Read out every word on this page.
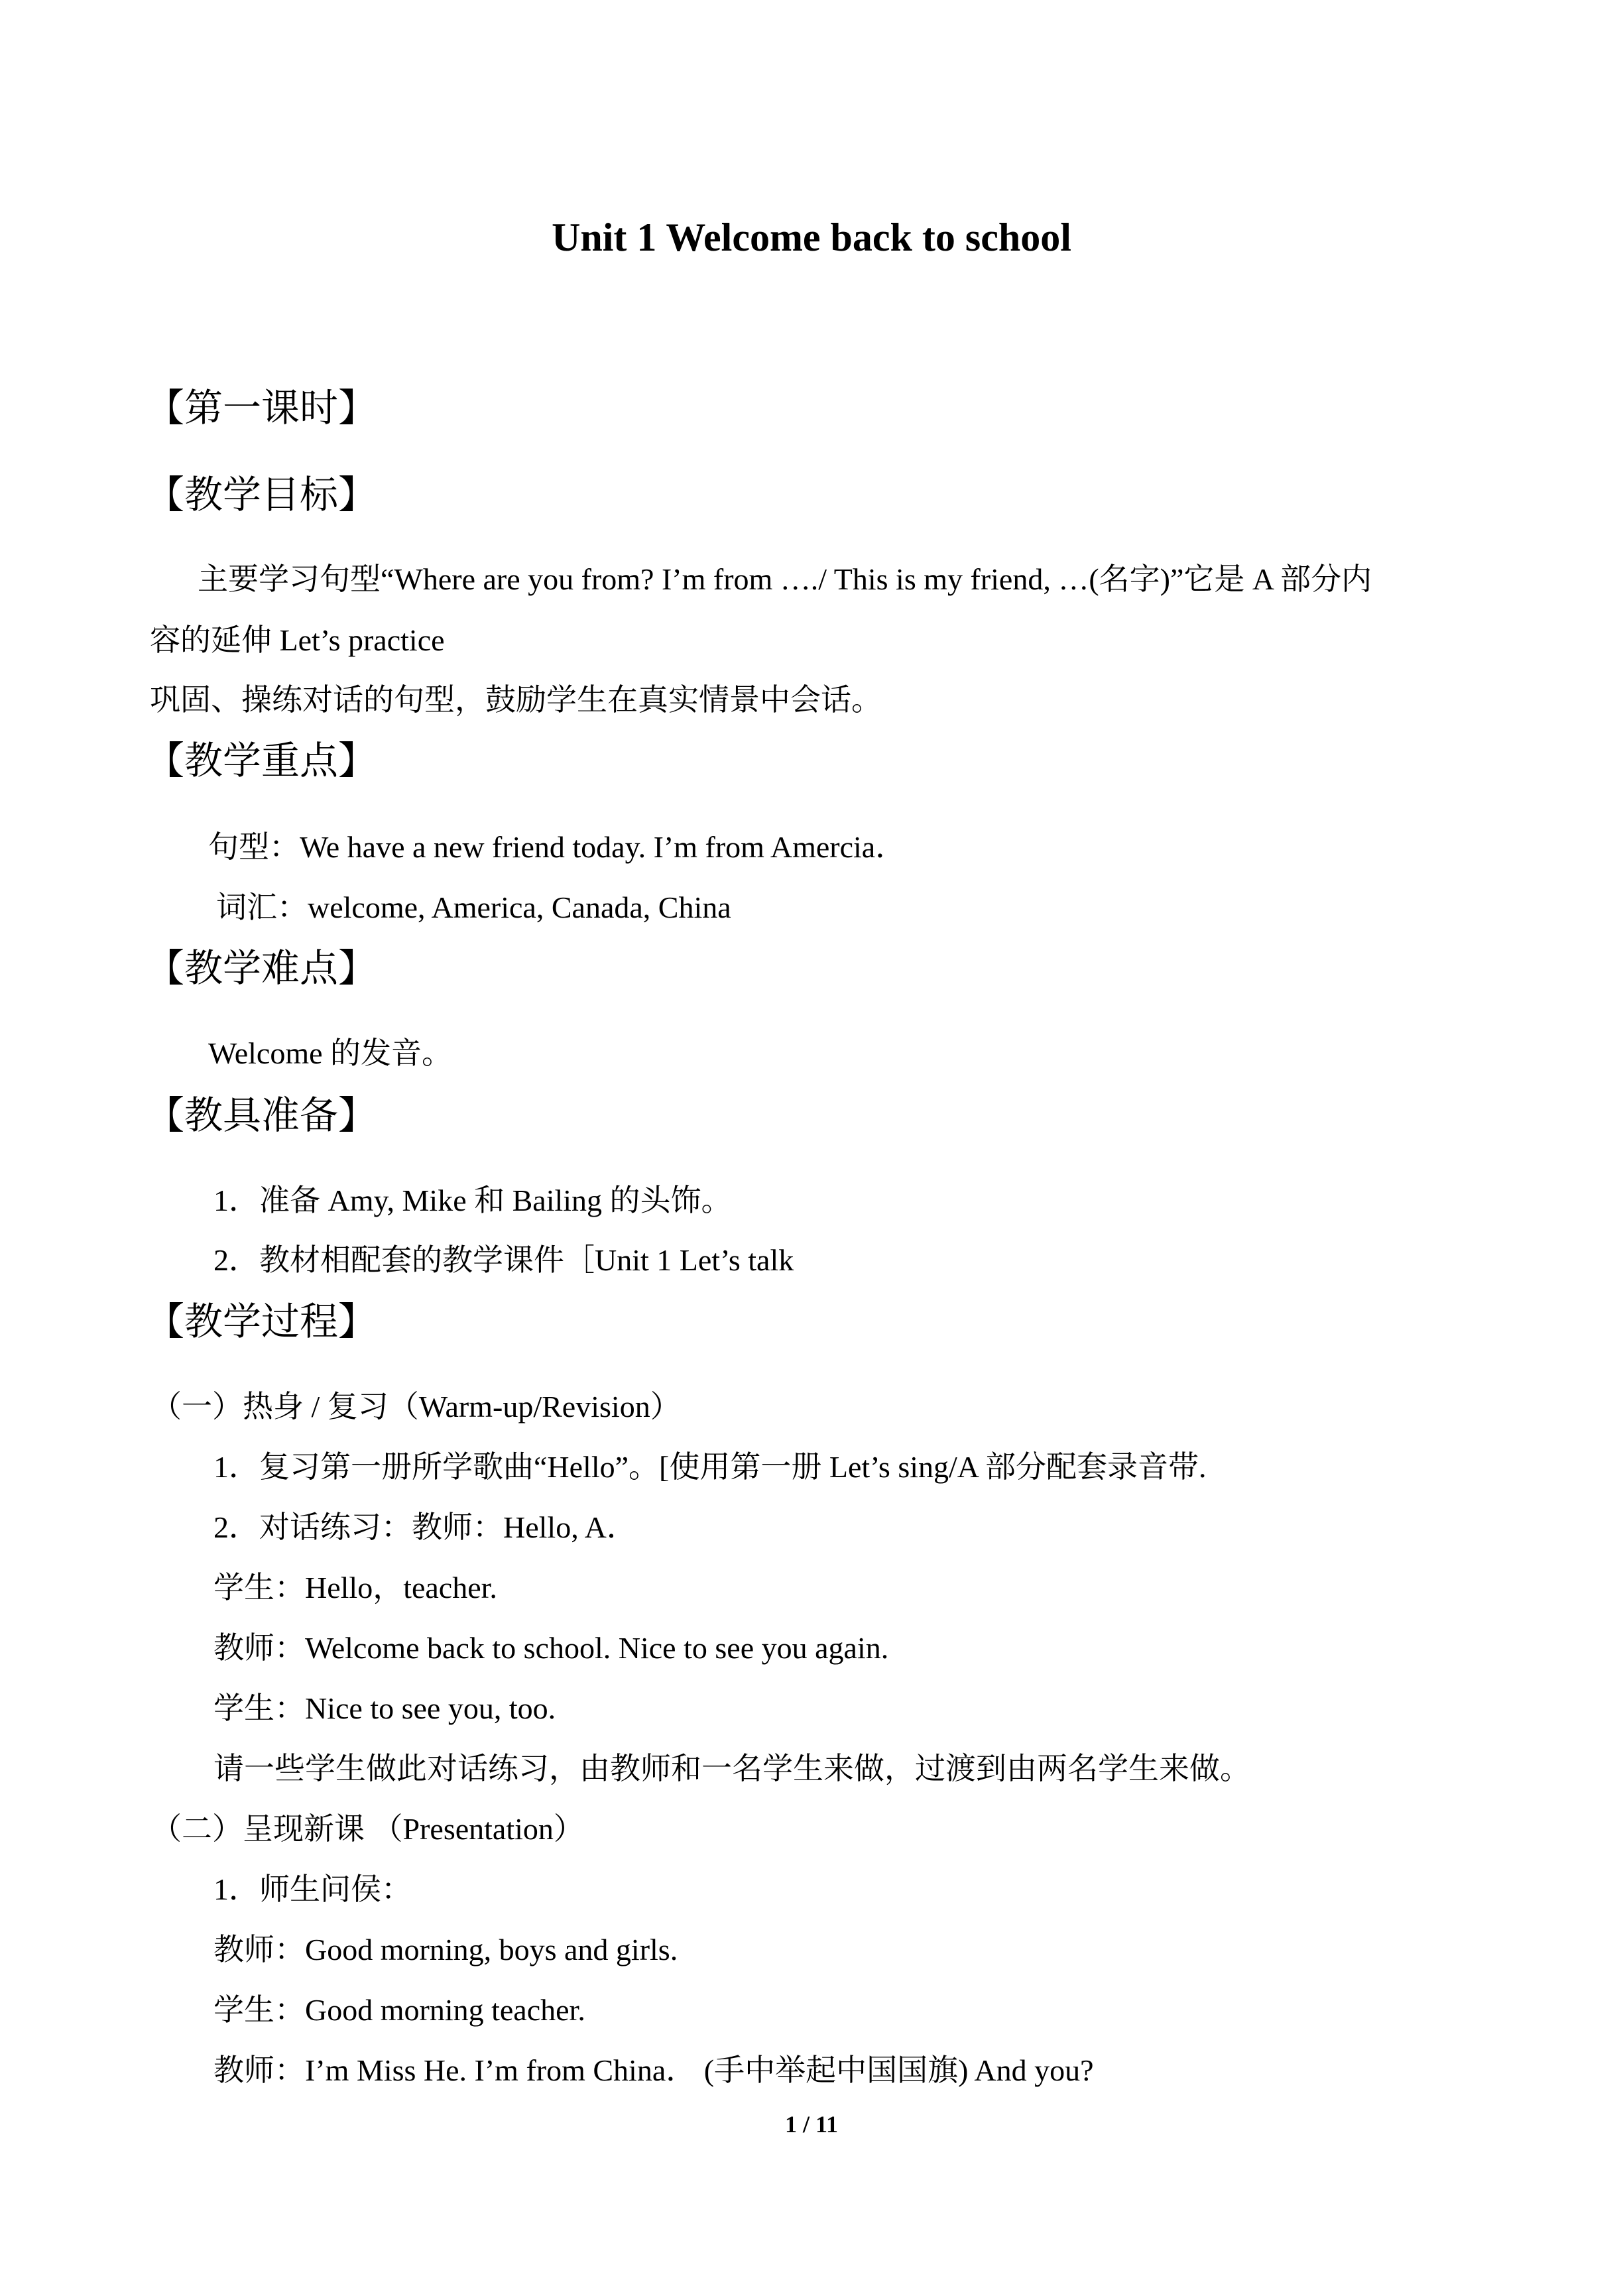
Unit 1 Welcome back to school
【第一课时】
【教学目标】
主要学习句型“Where are you from? I’m from …./ This is my friend, …(名字)”它是 A 部分内
容的延伸 Let’s practice
巩固、操练对话的句型，鼓励学生在真实情景中会话。
【教学重点】
句型：We have a new friend today. I’m from Amercia．
词汇：welcome, America, Canada, China
【教学难点】
Welcome 的发音。
【教具准备】
1．准备 Amy, Mike 和 Bailing 的头饰。
2．教材相配套的教学课件［Unit 1 Let’s talk
【教学过程】
（一）热身 / 复习（Warm-up/Revision）
1．复习第一册所学歌曲“Hello”。[使用第一册 Let’s sing/A 部分配套录音带.
2．对话练习：教师：Hello, A．
学生：Hello，teacher.
教师：Welcome back to school. Nice to see you again.
学生：Nice to see you, too.
请一些学生做此对话练习，由教师和一名学生来做，过渡到由两名学生来做。
（二）呈现新课 （Presentation）
1．师生问侯：
教师：Good morning, boys and girls.
学生：Good morning teacher.
教师：I’m Miss He. I’m from China． (手中举起中国国旗) And you?
1 / 11
